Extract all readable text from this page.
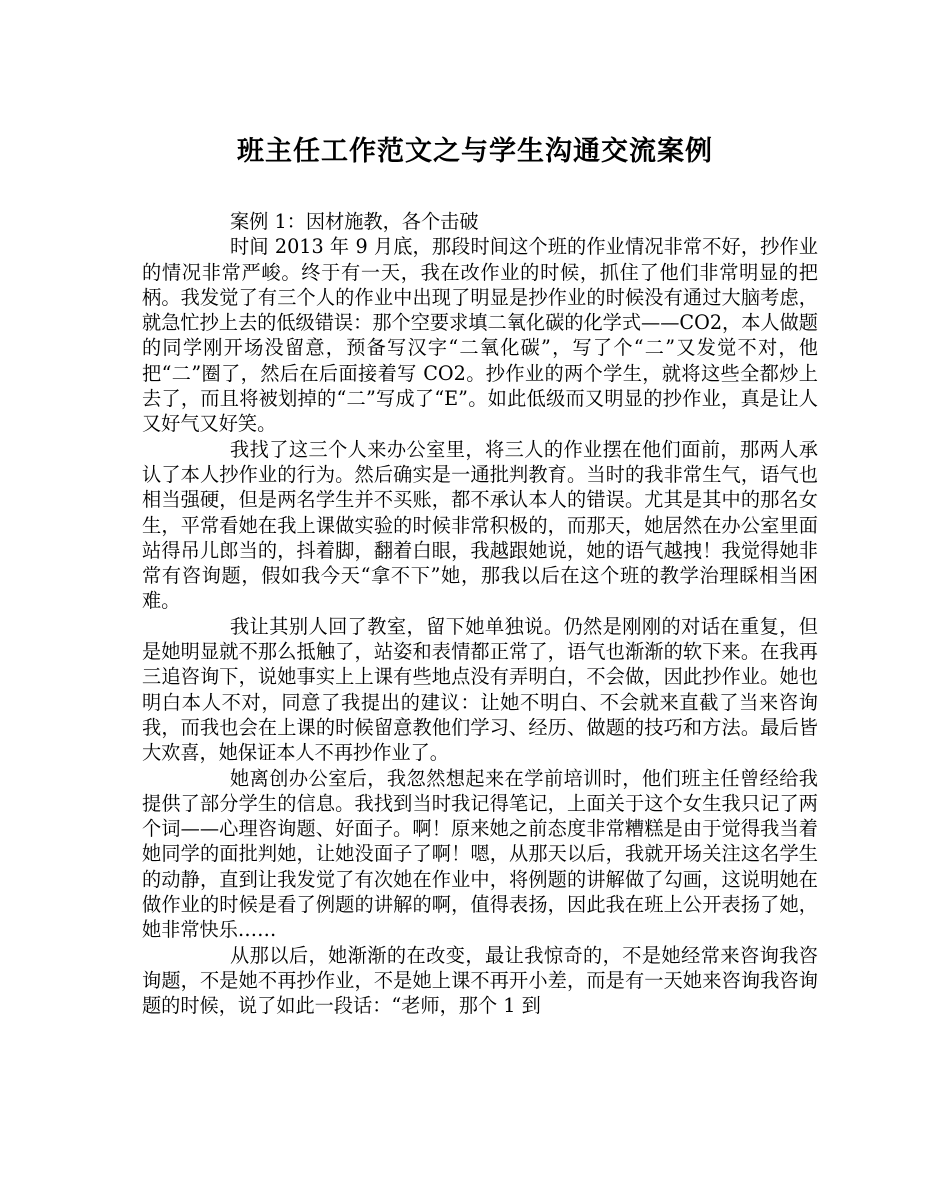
班主任工作范文之与学生沟通交流案例

案例 1：因材施教，各个击破

时间 2013 年 9 月底，那段时间这个班的作业情况非常不好，抄作业的情况非常严峻。终于有一天，我在改作业的时候，抓住了他们非常明显的把柄。我发觉了有三个人的作业中出现了明显是抄作业的时候没有通过大脑考虑，就急忙抄上去的低级错误：那个空要求填二氧化碳的化学式——CO2，本人做题的同学刚开场没留意，预备写汉字“二氧化碳”，写了个“二”又发觉不对，他把“二”圈了，然后在后面接着写 CO2。抄作业的两个学生，就将这些全都炒上去了，而且将被划掉的“二”写成了“E”。如此低级而又明显的抄作业，真是让人又好气又好笑。

我找了这三个人来办公室里，将三人的作业摆在他们面前，那两人承认了本人抄作业的行为。然后确实是一通批判教育。当时的我非常生气，语气也相当强硬，但是两名学生并不买账，都不承认本人的错误。尤其是其中的那名女生，平常看她在我上课做实验的时候非常积极的，而那天，她居然在办公室里面站得吊儿郎当的，抖着脚，翻着白眼，我越跟她说，她的语气越拽！我觉得她非常有咨询题，假如我今天“拿不下”她，那我以后在这个班的教学治理睬相当困难。

我让其别人回了教室，留下她单独说。仍然是刚刚的对话在重复，但是她明显就不那么抵触了，站姿和表情都正常了，语气也渐渐的软下来。在我再三追咨询下，说她事实上上课有些地点没有弄明白，不会做，因此抄作业。她也明白本人不对，同意了我提出的建议：让她不明白、不会就来直截了当来咨询我，而我也会在上课的时候留意教他们学习、经历、做题的技巧和方法。最后皆大欢喜，她保证本人不再抄作业了。

她离创办公室后，我忽然想起来在学前培训时，他们班主任曾经给我提供了部分学生的信息。我找到当时我记得笔记，上面关于这个女生我只记了两个词——心理咨询题、好面子。啊！原来她之前态度非常糟糕是由于觉得我当着她同学的面批判她，让她没面子了啊！嗯，从那天以后，我就开场关注这名学生的动静，直到让我发觉了有次她在作业中，将例题的讲解做了勾画，这说明她在做作业的时候是看了例题的讲解的啊，值得表扬，因此我在班上公开表扬了她，她非常快乐……

从那以后，她渐渐的在改变，最让我惊奇的，不是她经常来咨询我咨询题，不是她不再抄作业，不是她上课不再开小差，而是有一天她来咨询我咨询题的时候，说了如此一段话：“老师，那个 1 到
